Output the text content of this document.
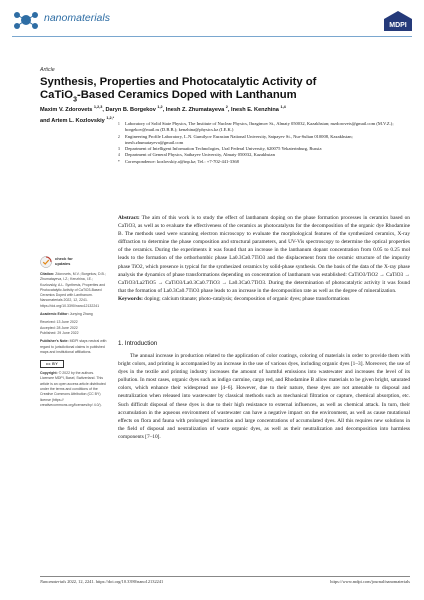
nanomaterials
MDPI
Article
Synthesis, Properties and Photocatalytic Activity of
CaTiO$_3$-Based Ceramics Doped with Lanthanum
Maxim V. Zdorovets $^{1,2,3}$, Daryn B. Borgekov $^{1,2}$, Inesh Z. Zhumatayeva $^2$, Inesh E. Kenzhina $^{1,4}$
and Artem L. Kozlovskiy $^{1,2,*}$
1	Laboratory of Solid State Physics, The Institute of Nuclear Physics, Ibragimov St., Almaty 050032, Kazakhstan; mzdorovets@gmail.com (M.V.Z.); borgekov@mail.ru (D.B.B.); kenzhina@physics.kz (I.E.K.)
2	Engineering Profile Laboratory, L.N. Gumilyov Eurasian National University, Satpayev St., Nur-Sultan 010008, Kazakhstan; inesh.zhumatayeva@gmail.com
3	Department of Intelligent Information Technologies, Ural Federal University, 620075 Yekaterinburg, Russia
4	Department of General Physics, Satbayev University, Almaty 050032, Kazakhstan
*	Correspondence: kozlovskiy.a@inp.kz; Tel.: +7-702-441-3368
Abstract: The aim of this work is to study the effect of lanthanum doping on the phase formation processes in ceramics based on CaTiO3, as well as to evaluate the effectiveness of the ceramics as photocatalysts for the decomposition of the organic dye Rhodamine B. The methods used were scanning electron microscopy to evaluate the morphological features of the synthesized ceramics, X-ray diffraction to determine the phase composition and structural parameters, and UV-Vis spectroscopy to determine the optical properties of the ceramics. During the experiments it was found that an increase in the lanthanum dopant concentration from 0.05 to 0.25 mol leads to the formation of the orthorhombic phase La0.3Ca0.7TiO3 and the displacement from the ceramic structure of the impurity phase TiO2, which presence is typical for the synthesized ceramics by solid-phase synthesis. On the basis of the data of the X-ray phase analysis the dynamics of phase transformations depending on concentration of lanthanum was established: CaTiO3/TiO2 → CaTiO3 → CaTiO3/La2TiO5 → CaTiO3/La0.3Ca0.7TiO3 → La0.3Ca0.7TiO3. During the determination of photocatalytic activity it was found that the formation of La0.3Ca0.7TiO3 phase leads to an increase in the decomposition rate as well as the degree of mineralization.
Keywords: doping; calcium titanate; photo-catalysis; decomposition of organic dyes; phase transformations
check for
updates

Citation: Zdorovets, M.V.; Borgekov, D.B.; Zhumatayeva, I.Z.; Kenzhina, I.E.; Kozlovskiy, A.L. Synthesis, Properties and Photocatalytic Activity of CaTiO3-Based Ceramics Doped with Lanthanum. Nanomaterials 2022, 12, 2241. https://doi.org/10.3390/nano12132241

Academic Editor: Junying Zhang

Received: 13 June 2022
Accepted: 28 June 2022
Published: 29 June 2022

Publisher's Note: MDPI stays neutral with regard to jurisdictional claims in published maps and institutional affiliations.

cc BY

Copyright: © 2022 by the authors. Licensee MDPI, Basel, Switzerland. This article is an open access article distributed under the terms and conditions of the Creative Commons Attribution (CC BY) license (https:// creativecommons.org/licenses/by/ 4.0/).

1. Introduction
The annual increase in production related to the application of color coatings, coloring of materials in order to provide them with bright colors, and printing is accompanied by an increase in the use of various dyes, including organic dyes [1–3]. Moreover, the use of dyes in the textile and printing industry increases the amount of harmful emissions into wastewater and increases the level of its pollution. In most cases, organic dyes such as indigo carmine, cargo red, and Rhodamine B allow materials to be given bright, saturated colors, which enhance their widespread use [4–6]. However, due to their nature, these dyes are not amenable to disposal and neutralization when released into wastewater by classical methods such as mechanical filtration or capture, chemical absorption, etc. Such difficult disposal of these dyes is due to their high resistance to external influences, as well as chemical attack. In turn, their accumulation in the aqueous environment of wastewater can have a negative impact on the environment, as well as cause mutational effects on flora and fauna with prolonged interaction and large concentrations of accumulated dyes. All this requires new solutions in the field of disposal and neutralization of waste organic dyes, as well as their neutralization and decomposition into harmless components [7–10].
Nanomaterials 2022, 12, 2241. https://doi.org/10.3390/nano12132241	https://www.mdpi.com/journal/nanomaterials
